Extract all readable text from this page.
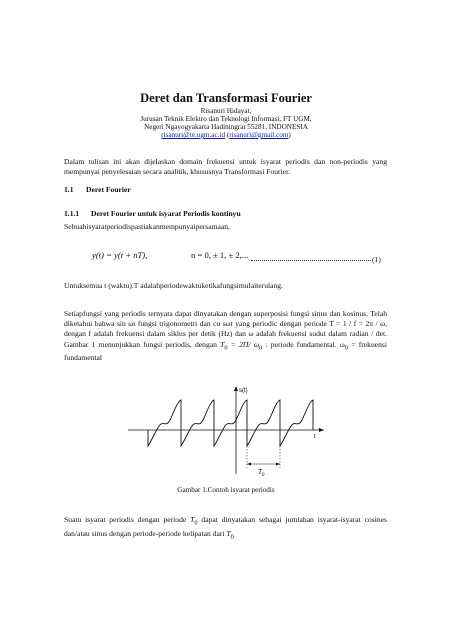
Deret dan Transformasi Fourier
Risanuri Hidayat,
Jurusan Teknik Elektro dan Teknologi Informasi, FT UGM,
Negeri Ngayogyakarta Hadiningrat 55281, INDONESIA
risanuri@te.ugm.ac.id (risanuri@gmail.com)

Dalam tulisan ini akan dijelaskan domain frekuensi untuk isyarat periodis dan non-periodis yang mempunyai penyelesaian secara analitik, khususnya Transformasi Fourier.

1.1 Deret Fourier
1.1.1 Deret Fourier untuk isyarat Periodis kontinyu

Sebuahisyaratperiodispastiakanmempunyaipersamaan,

y(t) = y(t + nT),	n = 0, ± 1, ± 2,...	(1)

Untuksemua t (waktu).T adalahperiodewaktuketikafungsimulaiterulang.

Setiapfungsi yang periodis ternyata dapat dinyatakan dengan superposisi fungsi sinus dan kosinus. Telah diketahui bahwa sin ωt fungsi trigonometri dan co sωt yang periodic dengan periode T = 1 / f = 2π / ω, dengan f adalah frekuensi dalam siklus per detik (Hz) dan ω adalah frekuensi sudut dalam radian / det. Gambar 1 menunjukkan fungsi periodis, dengan $T_0 = 2\Pi/$ $\omega_0$ : periode fundamental. $\omega_0$ = frekuensi fundamental

s(t)
t
$T_0$
Gambar 1.Contoh isyarat periodis

Suatu isyarat periodis dengan periode $T_0$ dapat dinyatakan sebagai jumlahan isyarat-isyarat cosines dan/atau sinus dengan periode-periode kelipatan dari $T_0$
